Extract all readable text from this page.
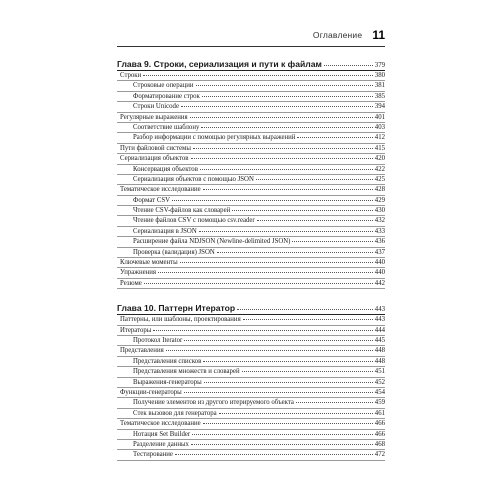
Оглавление 11
Глава 9. Строки, сериализация и пути к файлам	379
Строки	380
Строковые операции	381
Форматирование строк	385
Строки Unicode	394
Регулярные выражения	401
Соответствие шаблону	403
Разбор информации с помощью регулярных выражений	412
Пути файловой системы	415
Сериализация объектов	420
Консервация объектов	422
Сериализация объектов с помощью JSON	425
Тематическое исследование	428
Формат CSV	429
Чтение CSV-файлов как словарей	430
Чтение файлов CSV с помощью csv.reader	432
Сериализация в JSON	433
Расширение файла NDJSON (Newline-delimited JSON)	436
Проверка (валидация) JSON	437
Ключевые моменты	440
Упражнения	440
Резюме	442
Глава 10. Паттерн Итератор	443
Паттерны, или шаблоны, проектирования	443
Итераторы	444
Протокол Iterator	445
Представления	448
Представления списков	448
Представления множеств и словарей	451
Выражения-генераторы	452
Функции-генераторы	454
Получение элементов из другого итерируемого объекта	459
Стек вызовов для генератора	461
Тематическое исследование	466
Нотация Set Builder	466
Разделение данных	468
Тестирование	472
